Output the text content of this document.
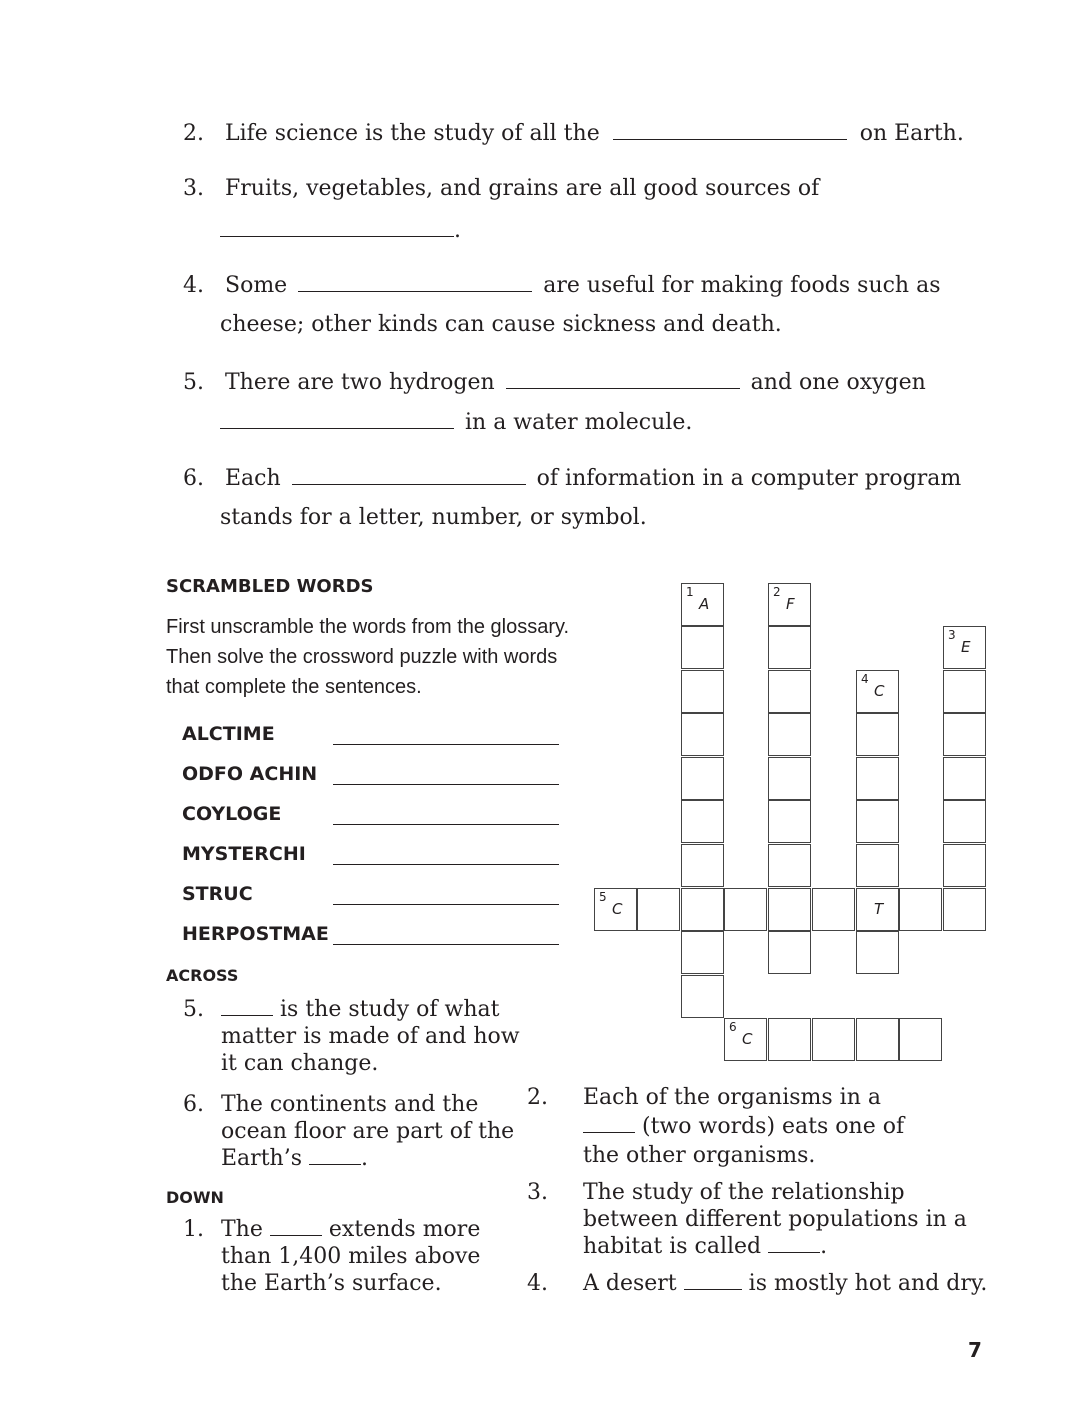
2. Life science is the study of all the	on Earth.
3. Fruits, vegetables, and grains are all good sources of
.
4. Some	are useful for making foods such as
cheese; other kinds can cause sickness and death.
5. There are two hydrogen	and one oxygen
in a water molecule.
6. Each	of information in a computer program
stands for a letter, number, or symbol.
SCRAMBLED WORDS
First unscramble the words from the glossary.
Then solve the crossword puzzle with words
that complete the sentences.
ALCTIME
ODFO ACHIN
COYLOGE
MYSTERCHI
STRUC
HERPOSTMAE
ACROSS
5.	is the study of what
matter is made of and how
it can change.
6. The continents and the
ocean floor are part of the
Earth’s	.
DOWN
1. The	extends more
than 1,400 miles above
the Earth’s surface.
2. Each of the organisms in a
(two words) eats one of
the other organisms.
3. The study of the relationship
between different populations in a
habitat is called	.
4. A desert	is mostly hot and dry.
1
A
2
F
4
C
3
E
5
C	T
6
C
7
